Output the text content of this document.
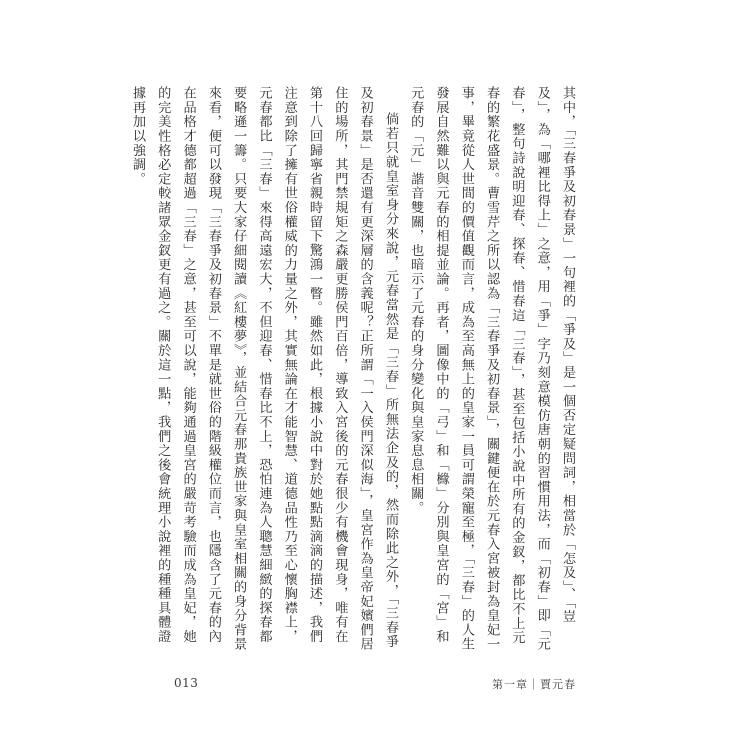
其中，「三春爭及初春景」一句裡的「爭及」是一個否定疑問詞，相當於「怎及」、「豈及」，為「哪裡比得上」之意，用「爭」字乃刻意模仿唐朝的習慣用法，而「初春」即「元春」，整句詩說明迎春、探春、惜春這「三春」，甚至包括小說中所有的金釵，都比不上元春的繁花盛景。曹雪芹之所以認為「三春爭及初春景」，關鍵便在於元春入宮被封為皇妃一事，畢竟從人世間的價值觀而言，成為至高無上的皇家一員可謂榮寵至極，「三春」的人生發展自然難以與元春的相提並論。再者，圖像中的「弓」和「櫞」分別與皇宮的「宮」和元春的「元」諧音雙關，也暗示了元春的身分變化與皇家息息相關。

倘若只就皇室身分來說，元春當然是「三春」所無法企及的，然而除此之外，「三春爭及初春景」是否還有更深層的含義呢？正所謂「一入侯門深似海」，皇宮作為皇帝妃嬪們居住的場所，其門禁規矩之森嚴更勝侯門百倍，導致入宮後的元春很少有機會現身，唯有在第十八回歸寧省親時留下驚鴻一瞥。雖然如此，根據小說中對於她點點滴滴的描述，我們注意到除了擁有世俗權威的力量之外，其實無論在才能智慧、道德品性乃至心懷胸襟上，元春都比「三春」來得高遠宏大，不但迎春、惜春比不上，恐怕連為人聰慧細緻的探春都要略遜一籌。只要大家仔細閱讀《紅樓夢》，並結合元春那貴族世家與皇室相關的身分背景來看，便可以發現「三春爭及初春景」不單是就世俗的階級權位而言，也隱含了元春的內在品格才德都超過「三春」之意，甚至可以說，能夠通過皇宮的嚴苛考驗而成為皇妃，她的完美性格必定較諸眾金釵更有過之。關於這一點，我們之後會統理小說裡的種種具體證據再加以強調。

013	第一章｜賈元春
